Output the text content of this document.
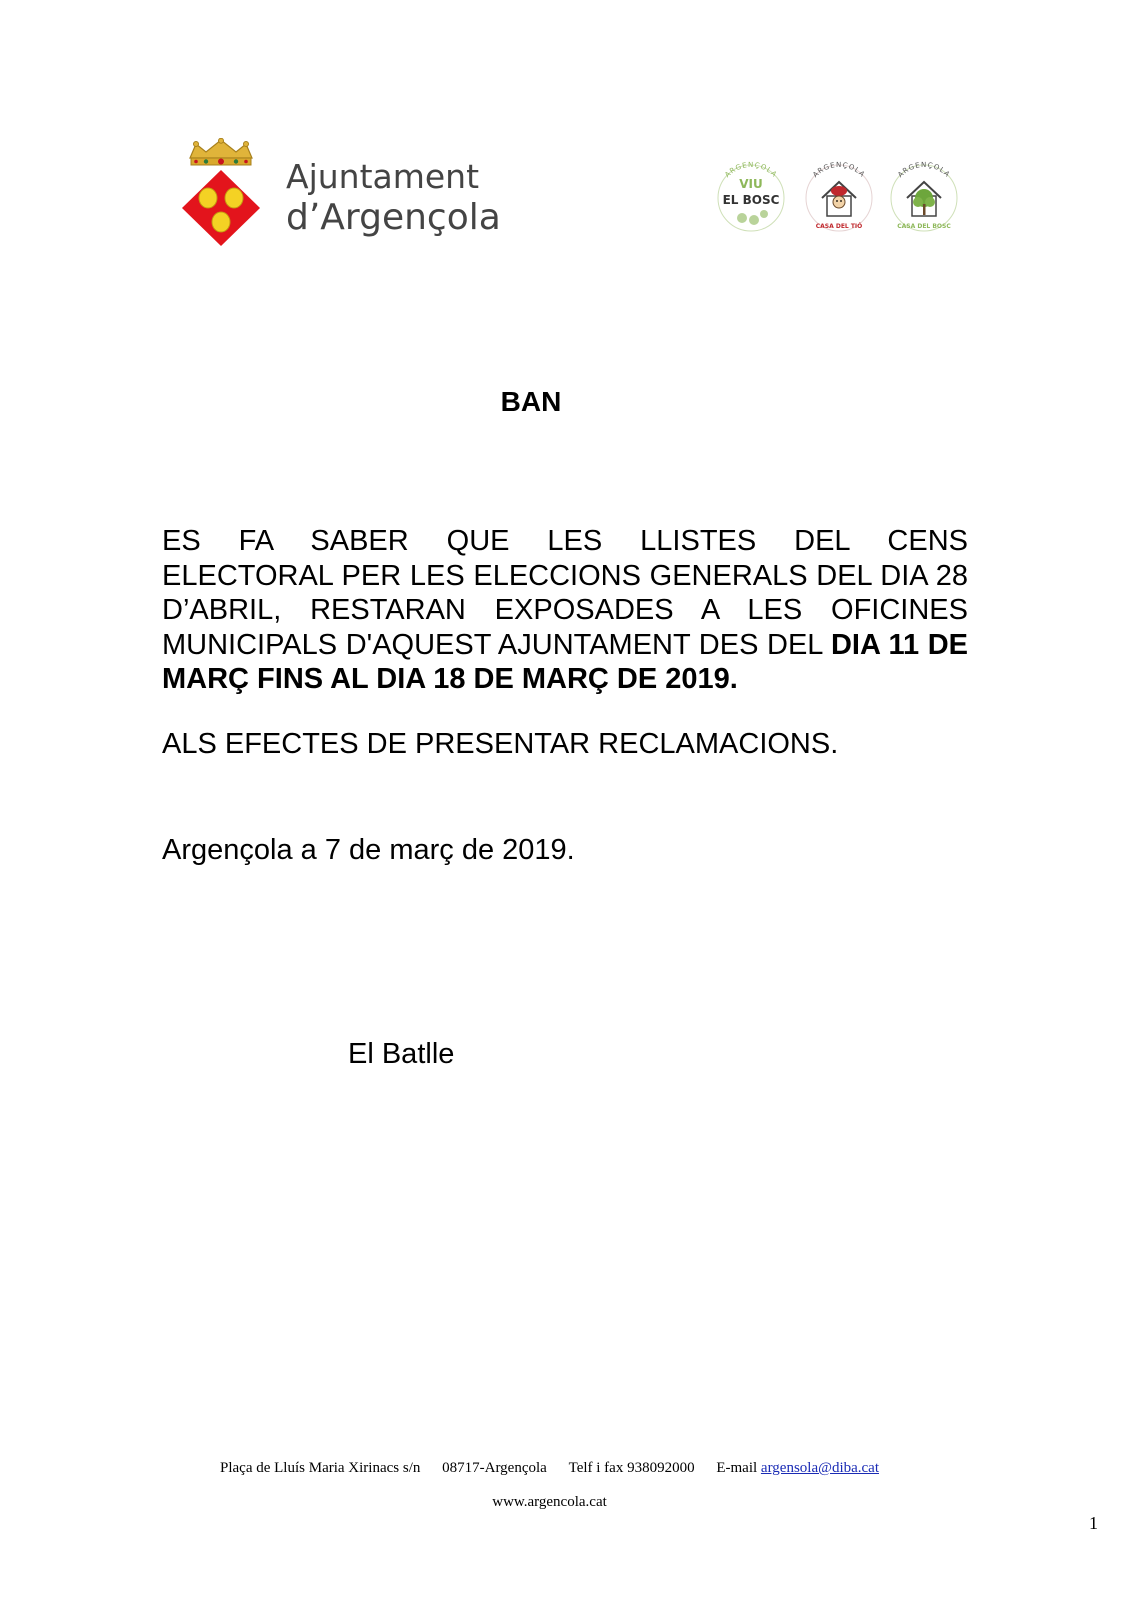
Ajuntament
d’Argençola
ARGENÇOLA
VIU
EL BOSC
ARGENÇOLA
CASA DEL TIÓ
ARGENÇOLA
CASA DEL BOSC
BAN
ES FA SABER QUE LES LLISTES DEL CENS
ELECTORAL PER LES ELECCIONS GENERALS DEL DIA 28 D’ABRIL, RESTARAN EXPOSADES A LES OFICINES MUNICIPALS D'AQUEST AJUNTAMENT DES DEL DIA 11 DE MARÇ FINS AL DIA 18 DE MARÇ DE 2019.
ALS EFECTES DE PRESENTAR RECLAMACIONS.
Argençola a 7 de març de 2019.
El Batlle
Plaça de Lluís Maria Xirinacs s/n 08717-Argençola Telf i fax 938092000 E-mail argensola@diba.cat
www.argencola.cat
1
